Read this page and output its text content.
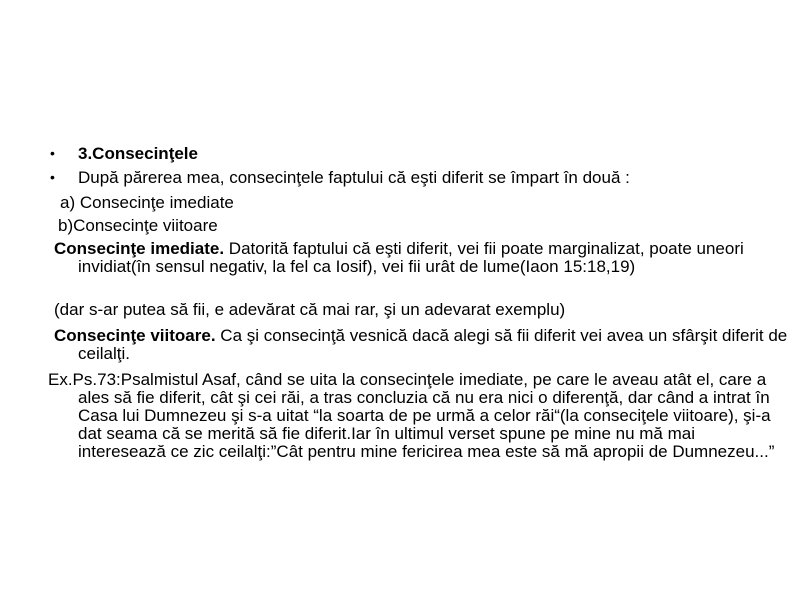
• 3.Consecinţele
• După părerea mea, consecinţele faptului că eşti diferit se împart în două :
a) Consecinţe imediate
b)Consecinţe viitoare
Consecinţe imediate. Datorită faptului că eşti diferit, vei fii poate marginalizat, poate uneori invidiat(în sensul negativ, la fel ca Iosif), vei fii urât de lume(Iaon 15:18,19)
(dar s-ar putea să fii, e adevărat că mai rar, şi un adevarat exemplu)
Consecinţe viitoare. Ca şi consecinţă vesnică dacă alegi să fii diferit vei avea un sfârşit diferit de ceilalţi.
Ex.Ps.73:Psalmistul Asaf, când se uita la consecinţele imediate, pe care le aveau atât el, care a ales să fie diferit, cât şi cei răi, a tras concluzia că nu era nici o diferenţă, dar când a intrat în Casa lui Dumnezeu şi s-a uitat “la soarta de pe urmă a celor răi“(la conseciţele viitoare), şi-a dat seama că se merită să fie diferit.Iar în ultimul verset spune pe mine nu mă mai interesează ce zic ceilalţi:”Cât pentru mine fericirea mea este să mă apropii de Dumnezeu...”
